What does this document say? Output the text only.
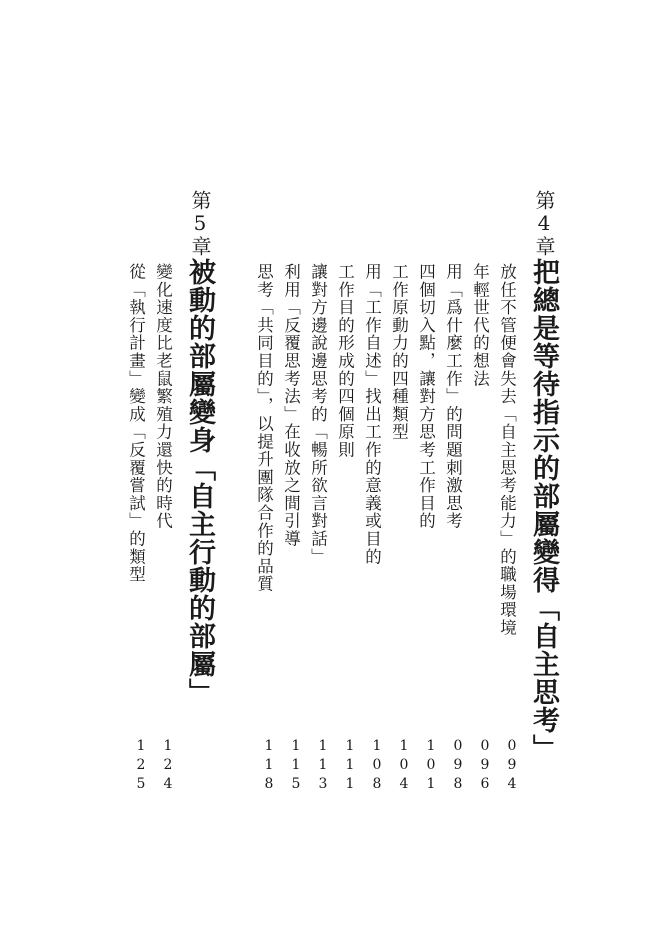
第4章
把總是等待指示的部屬變得「自主思考」
放任不管便會失去「自主思考能力」的職場環境
094
年輕世代的想法
096
用「爲什麼工作」的問題刺激思考
098
四個切入點，讓對方思考工作目的
101
工作原動力的四種類型
104
用「工作自述」找出工作的意義或目的
108
工作目的形成的四個原則
111
讓對方邊說邊思考的「暢所欲言對話」
113
利用「反覆思考法」在收放之間引導
115
思考「共同目的」，以提升團隊合作的品質
118
第5章
被動的部屬變身「自主行動的部屬」
變化速度比老鼠繁殖力還快的時代
124
從「執行計畫」變成「反覆嘗試」的類型
125
